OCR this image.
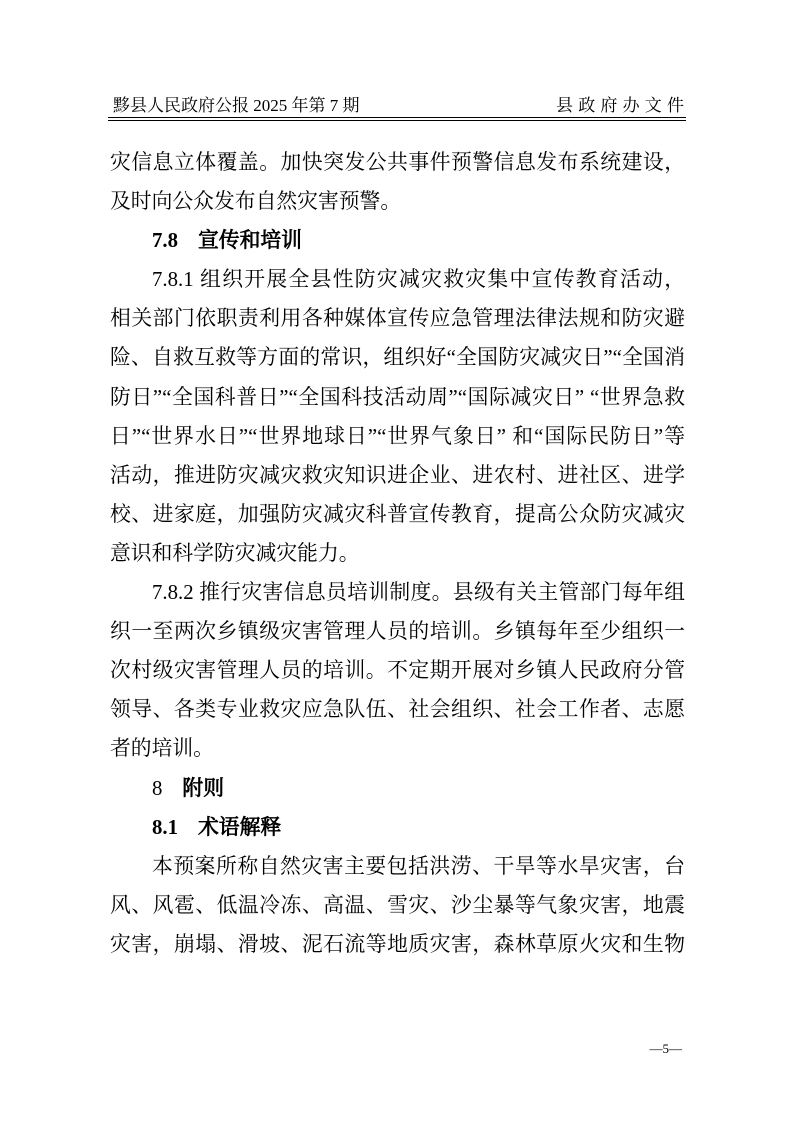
黟县人民政府公报 2025 年第 7 期	县政府办文件
灾信息立体覆盖。加快突发公共事件预警信息发布系统建设，
及时向公众发布自然灾害预警。
7.8 宣传和培训
7.8.1 组织开展全县性防灾减灾救灾集中宣传教育活动，
相关部门依职责利用各种媒体宣传应急管理法律法规和防灾避
险、自救互救等方面的常识，组织好“全国防灾减灾日”“全国消
防日”“全国科普日”“全国科技活动周”“国际减灾日” “世界急救
日”“世界水日”“世界地球日”“世界气象日” 和“国际民防日”等
活动，推进防灾减灾救灾知识进企业、进农村、进社区、进学
校、进家庭，加强防灾减灾科普宣传教育，提高公众防灾减灾
意识和科学防灾减灾能力。
7.8.2 推行灾害信息员培训制度。县级有关主管部门每年组
织一至两次乡镇级灾害管理人员的培训。乡镇每年至少组织一
次村级灾害管理人员的培训。不定期开展对乡镇人民政府分管
领导、各类专业救灾应急队伍、社会组织、社会工作者、志愿
者的培训。
8 附则
8.1 术语解释
本预案所称自然灾害主要包括洪涝、干旱等水旱灾害，台
风、风雹、低温冷冻、高温、雪灾、沙尘暴等气象灾害，地震
灾害，崩塌、滑坡、泥石流等地质灾害，森林草原火灾和生物
—5—
